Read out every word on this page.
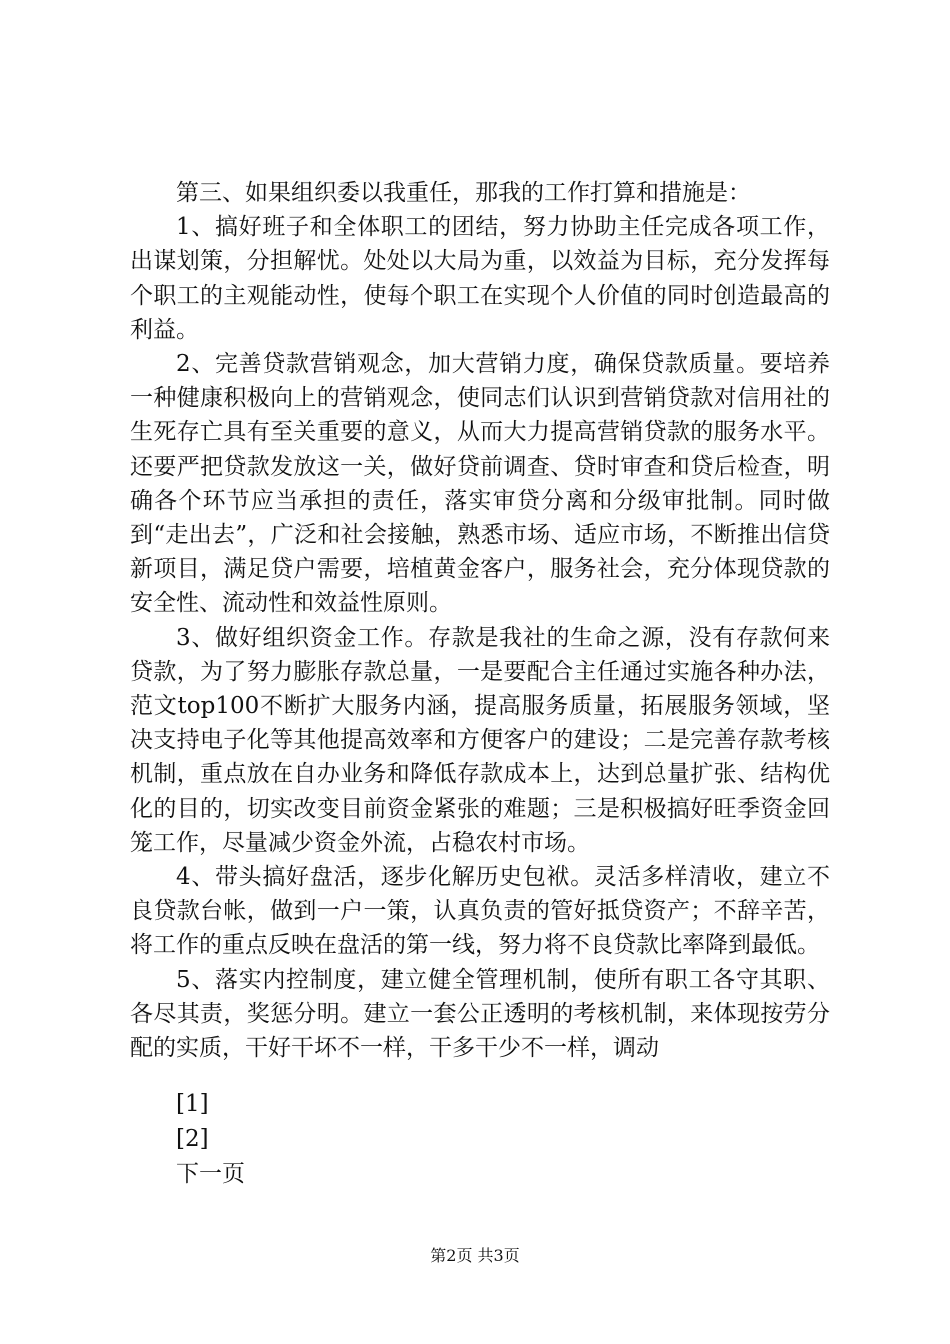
第三、如果组织委以我重任，那我的工作打算和措施是：

1、搞好班子和全体职工的团结，努力协助主任完成各项工作，出谋划策，分担解忧。处处以大局为重，以效益为目标，充分发挥每个职工的主观能动性，使每个职工在实现个人价值的同时创造最高的利益。

2、完善贷款营销观念，加大营销力度，确保贷款质量。要培养一种健康积极向上的营销观念，使同志们认识到营销贷款对信用社的生死存亡具有至关重要的意义，从而大力提高营销贷款的服务水平。还要严把贷款发放这一关，做好贷前调查、贷时审查和贷后检查，明确各个环节应当承担的责任，落实审贷分离和分级审批制。同时做到“走出去”，广泛和社会接触，熟悉市场、适应市场，不断推出信贷新项目，满足贷户需要，培植黄金客户，服务社会，充分体现贷款的安全性、流动性和效益性原则。

3、做好组织资金工作。存款是我社的生命之源，没有存款何来贷款，为了努力膨胀存款总量，一是要配合主任通过实施各种办法，范文top100不断扩大服务内涵，提高服务质量，拓展服务领域，坚决支持电子化等其他提高效率和方便客户的建设；二是完善存款考核机制，重点放在自办业务和降低存款成本上，达到总量扩张、结构优化的目的，切实改变目前资金紧张的难题；三是积极搞好旺季资金回笼工作，尽量减少资金外流，占稳农村市场。

4、带头搞好盘活，逐步化解历史包袱。灵活多样清收，建立不良贷款台帐，做到一户一策，认真负责的管好抵贷资产；不辞辛苦，将工作的重点反映在盘活的第一线，努力将不良贷款比率降到最低。

5、落实内控制度，建立健全管理机制，使所有职工各守其职、各尽其责，奖惩分明。建立一套公正透明的考核机制，来体现按劳分配的实质，干好干坏不一样，干多干少不一样，调动

[1]
[2]
下一页
第2页 共3页
